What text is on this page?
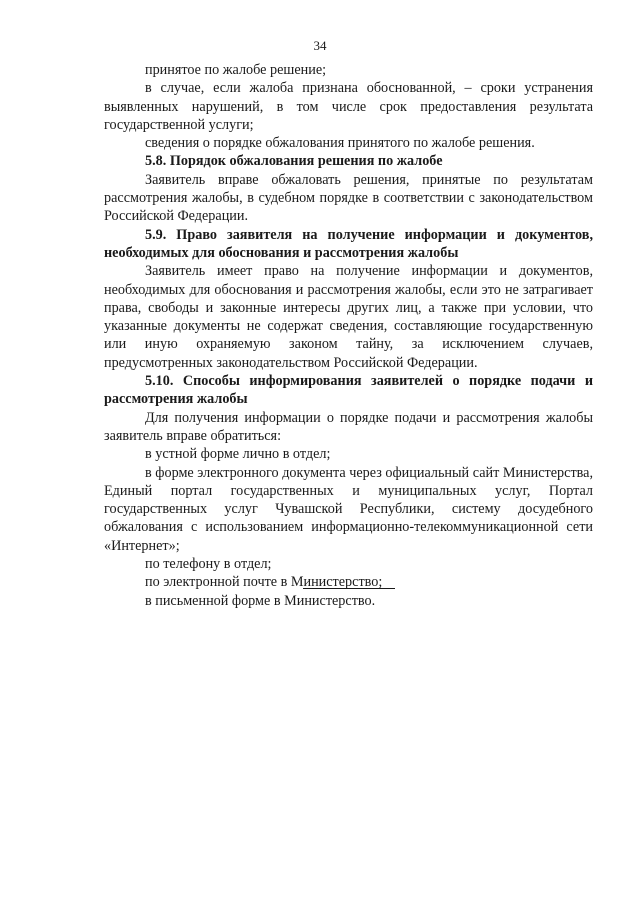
34

принятое по жалобе решение;

в случае, если жалоба признана обоснованной, – сроки устранения выявленных нарушений, в том числе срок предоставления результата государственной услуги;

сведения о порядке обжалования принятого по жалобе решения.

5.8. Порядок обжалования решения по жалобе

Заявитель вправе обжаловать решения, принятые по результатам рассмотрения жалобы, в судебном порядке в соответствии с законодательством Российской Федерации.

5.9. Право заявителя на получение информации и документов, необходимых для обоснования и рассмотрения жалобы

Заявитель имеет право на получение информации и документов, необходимых для обоснования и рассмотрения жалобы, если это не затрагивает права, свободы и законные интересы других лиц, а также при условии, что указанные документы не содержат сведения, составляющие государственную или иную охраняемую законом тайну, за исключением случаев, предусмотренных законодательством Российской Федерации.

5.10. Способы информирования заявителей о порядке подачи и рассмотрения жалобы

Для получения информации о порядке подачи и рассмотрения жалобы заявитель вправе обратиться:

в устной форме лично в отдел;

в форме электронного документа через официальный сайт Министерства, Единый портал государственных и муниципальных услуг, Портал государственных услуг Чувашской Республики, систему досудебного обжалования с использованием информационно-телекоммуникационной сети «Интернет»;

по телефону в отдел;

по электронной почте в Министерство;

в письменной форме в Министерство.
